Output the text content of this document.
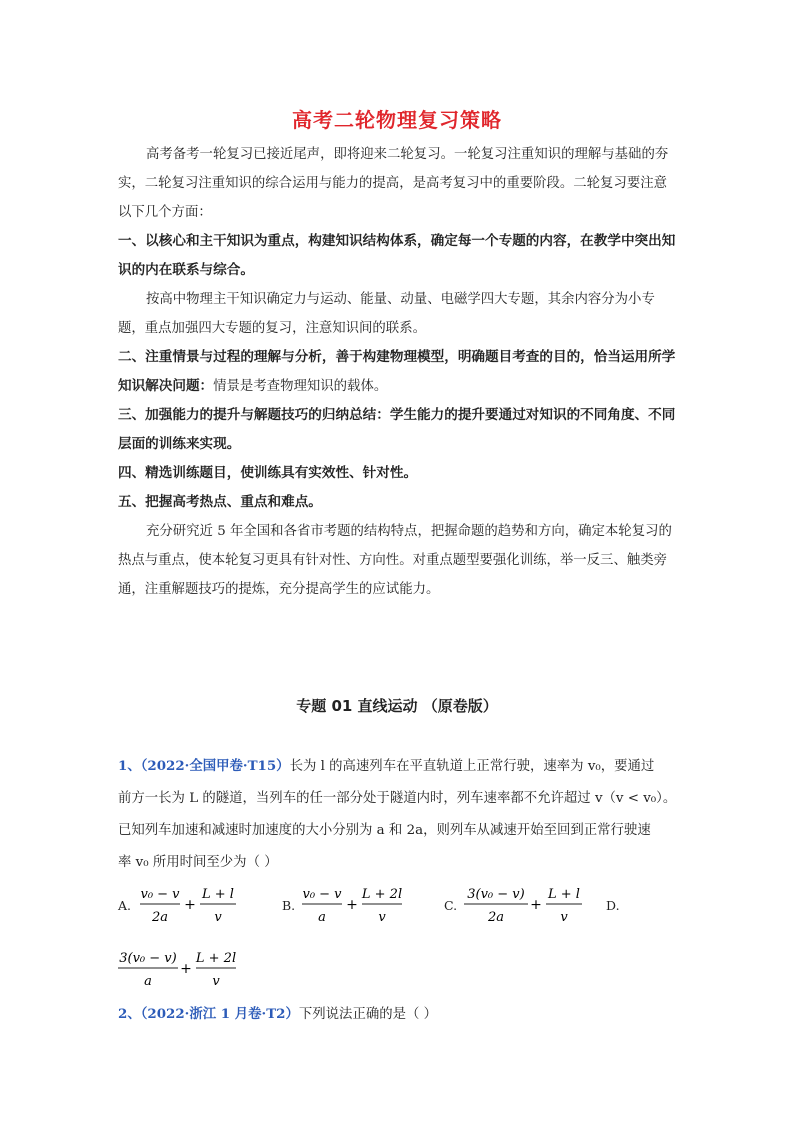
高考二轮物理复习策略
高考备考一轮复习已接近尾声，即将迎来二轮复习。一轮复习注重知识的理解与基础的夯实，二轮复习注重知识的综合运用与能力的提高，是高考复习中的重要阶段。二轮复习要注意以下几个方面：
一、以核心和主干知识为重点，构建知识结构体系，确定每一个专题的内容，在教学中突出知识的内在联系与综合。
按高中物理主干知识确定力与运动、能量、动量、电磁学四大专题，其余内容分为小专题，重点加强四大专题的复习，注意知识间的联系。
二、注重情景与过程的理解与分析，善于构建物理模型，明确题目考查的目的，恰当运用所学知识解决问题：情景是考查物理知识的载体。
三、加强能力的提升与解题技巧的归纳总结：学生能力的提升要通过对知识的不同角度、不同层面的训练来实现。
四、精选训练题目，使训练具有实效性、针对性。
五、把握高考热点、重点和难点。
充分研究近 5 年全国和各省市考题的结构特点，把握命题的趋势和方向，确定本轮复习的热点与重点，使本轮复习更具有针对性、方向性。对重点题型要强化训练，举一反三、触类旁通，注重解题技巧的提炼，充分提高学生的应试能力。
专题 01 直线运动 （原卷版）
1、（2022·全国甲卷·T15）长为 l 的高速列车在平直轨道上正常行驶，速率为 v₀，要通过
前方一长为 L 的隧道，当列车的任一部分处于隧道内时，列车速率都不允许超过 v（v < v₀）。
已知列车加速和减速时加速度的大小分别为 a 和 2a，则列车从减速开始至回到正常行驶速
率 v₀ 所用时间至少为（ ）
A.
v₀ − v
2a
+
L + l
v
B.
v₀ − v
a
+
L + 2l
v
C.
3(v₀ − v)
2a
+
L + l
v
D.
3(v₀ − v)
a
+
L + 2l
v
2、（2022·浙江 1 月卷·T2）下列说法正确的是（ ）
